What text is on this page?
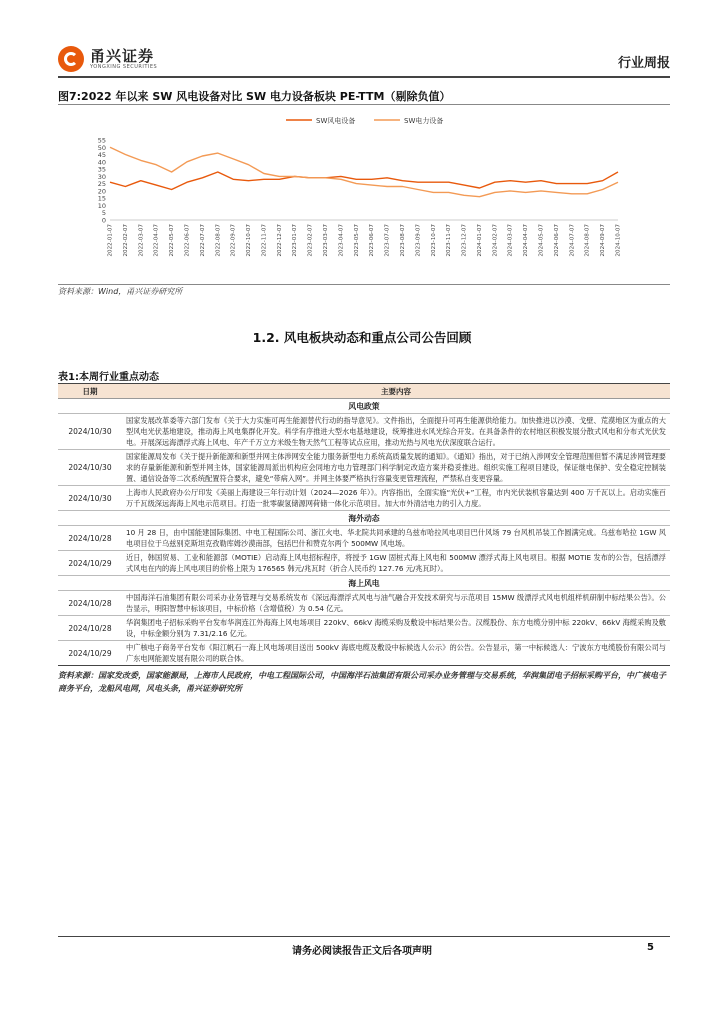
甬兴证券
YONGXING SECURITIES	行业周报
图7:2022 年以来 SW 风电设备对比 SW 电力设备板块 PE-TTM（剔除负值）
SW风电设备	SW电力设备
0
5
10
15
20
25
30
35
40
45
50
55
2022-01-07 2022-02-07 2022-03-07 2022-04-07 2022-05-07 2022-06-07 2022-07-07 2022-08-07 2022-09-07 2022-10-07 2022-11-07 2022-12-07 2023-01-07 2023-02-07 2023-03-07 2023-04-07 2023-05-07 2023-06-07 2023-07-07 2023-08-07 2023-09-07 2023-10-07 2023-11-07 2023-12-07 2024-01-07 2024-02-07 2024-03-07 2024-04-07 2024-05-07 2024-06-07 2024-07-07 2024-08-07 2024-09-07 2024-10-07
资料来源：Wind，甬兴证券研究所
1.2. 风电板块动态和重点公司公告回顾
表1:本周行业重点动态
日期	主要内容
风电政策	
2024/10/30	国家发展改革委等六部门发布《关于大力实施可再生能源替代行动的指导意见》。文件指出，全面提升可再生能源供给能力。加快推进以沙漠、戈壁、荒漠地区为重点的大型风电光伏基地建设，推动海上风电集群化开发。科学有序推进大型水电基地建设，统筹推进水风光综合开发。在具备条件的农村地区积极发展分散式风电和分布式光伏发电。开展深远海漂浮式海上风电、年产千万立方米级生物天然气工程等试点应用，推动光热与风电光伏深度联合运行。
2024/10/30	国家能源局发布《关于提升新能源和新型并网主体涉网安全能力服务新型电力系统高质量发展的通知》。《通知》指出，对于已纳入涉网安全管理范围但暂不满足涉网管理要求的存量新能源和新型并网主体，国家能源局派出机构应会同地方电力管理部门科学制定改造方案并稳妥推进。组织实施工程项目建设，保证继电保护、安全稳定控制装置、通信设备等二次系统配置符合要求，避免“带病入网”。并网主体要严格执行容量变更管理流程，严禁私自变更容量。
2024/10/30	上海市人民政府办公厅印发《美丽上海建设三年行动计划（2024—2026 年）》。内容指出，全面实施“光伏+”工程，市内光伏装机容量达到 400 万千瓦以上。启动实施百万千瓦级深远海海上风电示范项目。打造一批零碳氢储源网荷储一体化示范项目。加大市外清洁电力的引入力度。
海外动态	
2024/10/28	10 月 28 日，由中国能建国际集团、中电工程国际公司、浙江火电、华北院共同承建的乌兹布哈拉风电项目巴什风场 79 台风机吊装工作圆满完成。乌兹布哈拉 1GW 风电项目位于乌兹别克斯坦克孜勒库姆沙漠南部，包括巴什和赞克尔两个 500MW 风电场。
2024/10/29	近日，韩国贸易、工业和能源部（MOTIE）启动海上风电招标程序，将授予 1GW 固桩式海上风电和 500MW 漂浮式海上风电项目。根据 MOTIE 发布的公告，包括漂浮式风电在内的海上风电项目的价格上限为 176565 韩元/兆瓦时（折合人民币约 127.76 元/兆瓦时）。
海上风电	
2024/10/28	中国海洋石油集团有限公司采办业务管理与交易系统发布《深远海漂浮式风电与油气融合开发技术研究与示范项目 15MW 级漂浮式风电机组样机研制中标结果公告》。公告显示，明阳智慧中标该项目，中标价格（含增值税）为 0.54 亿元。
2024/10/28	华润集团电子招标采购平台发布华润连江外海海上风电场项目 220kV、66kV 海缆采购及敷设中标结果公告。汉缆股份、东方电缆分别中标 220kV、66kV 海缆采购及敷设，中标金额分别为 7.31/2.16 亿元。
2024/10/29	中广核电子商务平台发布《阳江帆石一海上风电场项目送出 500kV 海底电缆及敷设中标候选人公示》的公告。公告显示，第一中标候选人：宁波东方电缆股份有限公司与广东电网能源发展有限公司的联合体。
资料来源：国家发改委，国家能源局，上海市人民政府，中电工程国际公司，中国海洋石油集团有限公司采办业务管理与交易系统，华润集团电子招标采购平台，中广核电子商务平台，龙船风电网，风电头条，甬兴证券研究所
请务必阅读报告正文后各项声明	5
